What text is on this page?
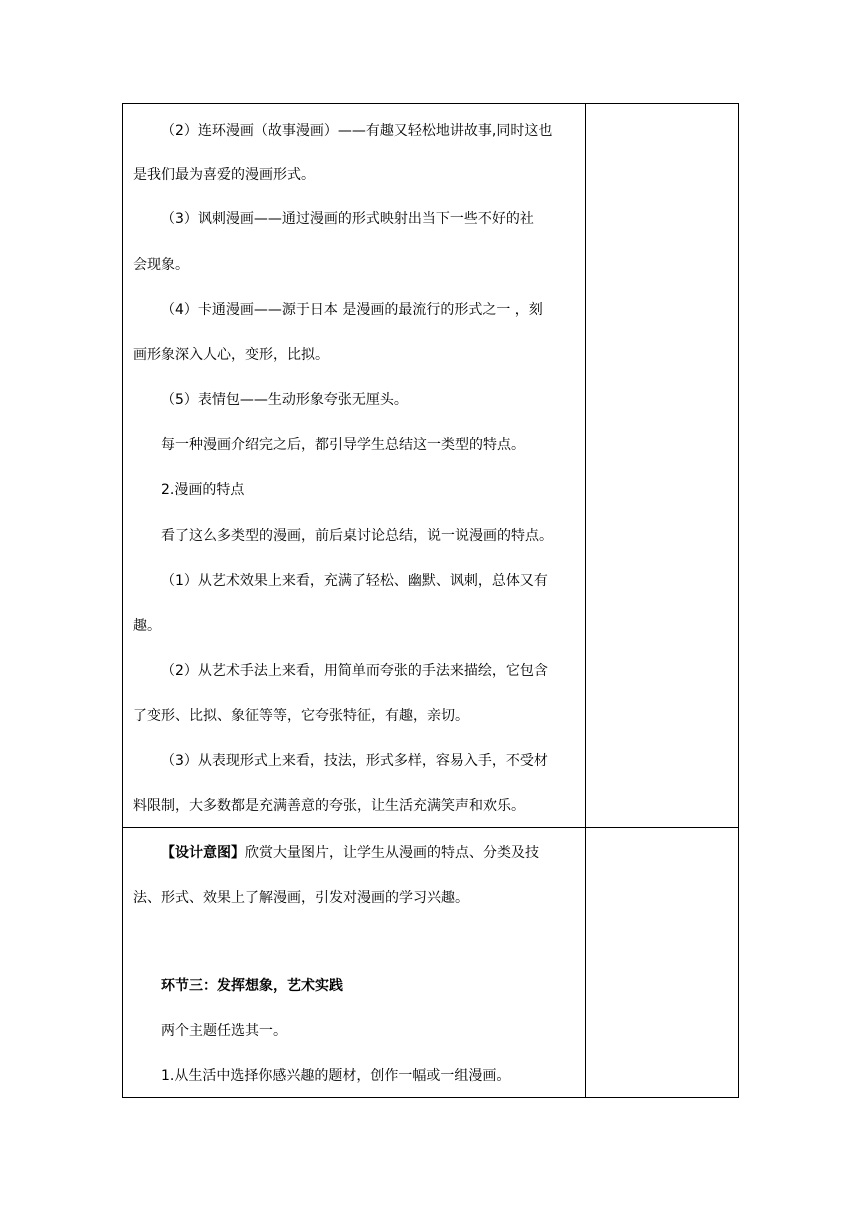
（2）连环漫画（故事漫画）——有趣又轻松地讲故事,同时这也
是我们最为喜爱的漫画形式。
（3）讽刺漫画——通过漫画的形式映射出当下一些不好的社
会现象。
（4）卡通漫画——源于日本 是漫画的最流行的形式之一 ，刻
画形象深入人心，变形，比拟。
（5）表情包——生动形象夸张无厘头。
每一种漫画介绍完之后，都引导学生总结这一类型的特点。
2.漫画的特点
看了这么多类型的漫画，前后桌讨论总结，说一说漫画的特点。
（1）从艺术效果上来看，充满了轻松、幽默、讽刺，总体又有
趣。
（2）从艺术手法上来看，用简单而夸张的手法来描绘，它包含
了变形、比拟、象征等等，它夸张特征，有趣，亲切。
（3）从表现形式上来看，技法，形式多样，容易入手，不受材
料限制，大多数都是充满善意的夸张，让生活充满笑声和欢乐。
【设计意图】欣赏大量图片，让学生从漫画的特点、分类及技
法、形式、效果上了解漫画，引发对漫画的学习兴趣。
环节三：发挥想象，艺术实践
两个主题任选其一。
1.从生活中选择你感兴趣的题材，创作一幅或一组漫画。
